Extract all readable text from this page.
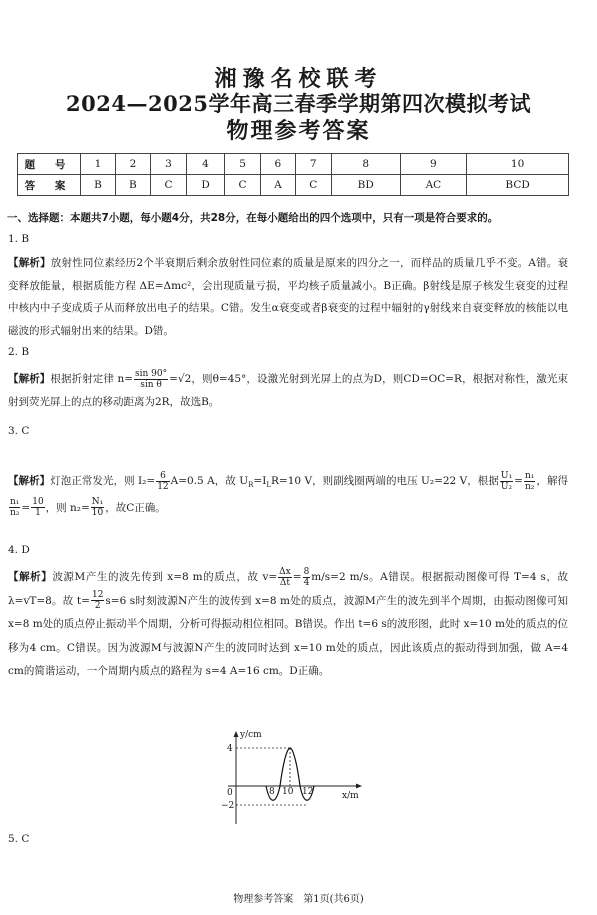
湘豫名校联考
2024—2025学年高三春季学期第四次模拟考试
物理参考答案
题 号	1	2	3	4	5	6	7	8	9	10
答 案	B	B	C	D	C	A	C	BD	AC	BCD
一、选择题：本题共7小题，每小题4分，共28分，在每小题给出的四个选项中，只有一项是符合要求的。
1. B
【解析】放射性同位素经历2个半衰期后剩余放射性同位素的质量是原来的四分之一，而样品的质量几乎不变。A错。衰变释放能量，根据质能方程 ΔE=Δmc²，会出现质量亏损，平均核子质量减小。B正确。β射线是原子核发生衰变的过程中核内中子变成质子从而释放出电子的结果。C错。发生α衰变或者β衰变的过程中辐射的γ射线来自衰变释放的核能以电磁波的形式辐射出来的结果。D错。
2. B
【解析】根据折射定律 $n= \frac{\sin 90^\circ}{\text{sin θ}} =√2$，则θ=45°，设激光射到光屏上的点为D，则CD=OC=R，根据对称性，激光束射到荧光屏上的点的移动距离为2R，故选B。
3. C
【解析】灯泡正常发光，则 $I_2= \frac{6}{12} A=0.5$ A，故 $U_R=I_LR=10$ V，则副线圈两端的电压 U₂=22 V，根据 $\frac{\text{U₁}}{\text{U₂}} = \frac{\text{n₁}}{\text{n₂}}$ ，解得
$\frac{\text{n₁}}{\text{n₂}} = \frac{10}{1}$ ，则 $n_2= \frac{\text{N₁}}{10}$ ，故C正确。
4. D
【解析】波源M产生的波先传到 x=8 m的质点，故 $v= \frac{\Delta x}{\Delta t} = \frac{8}{4} m/s=2$ m/s。A错误。根据振动图像可得 T=4 s，故λ=vT=8。故 $t= \frac{12}{2} s=6$ s时刻波源N产生的波传到 x=8 m处的质点，波源M产生的波先到半个周期，由振动图像可知 x=8 m处的质点停止振动半个周期，分析可得振动相位相同。B错误。作出 t=6 s的波形图，此时 x=10 m处的质点的位移为4 cm。C错误。因为波源M与波源N产生的波同时达到 x=10 m处的质点，因此该质点的振动得到加强，做 A=4 cm的简谐运动，一个周期内质点的路程为 s=4 A=16 cm。D正确。
y/cm
x/m
4
0
−2
8 10 12
5. C
物理参考答案　第1页(共6页)
